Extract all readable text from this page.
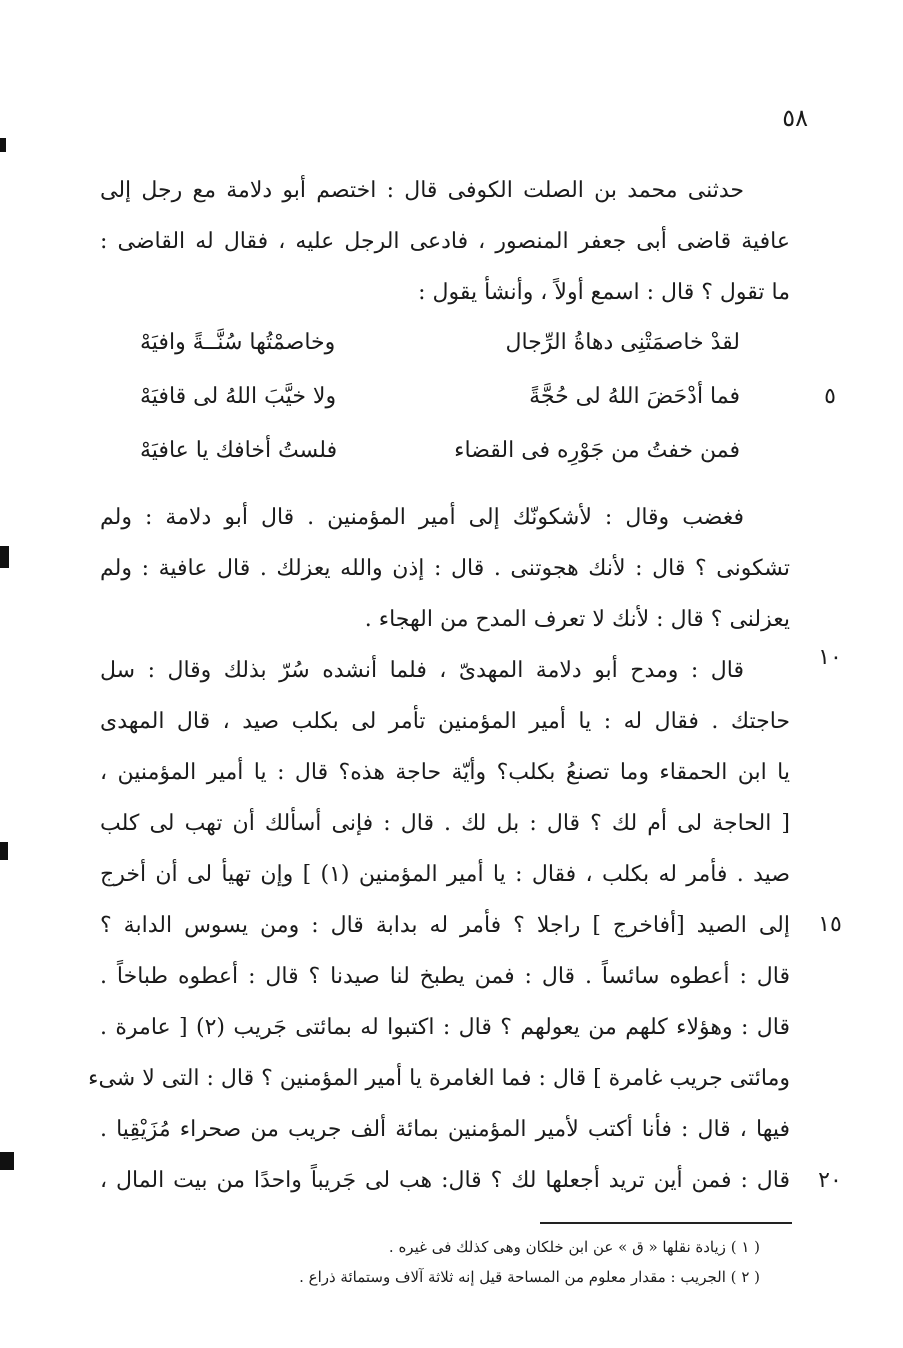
٥٨
حدثنى محمد بن الصلت الكوفى قال : اختصم أبو دلامة مع رجل إلى
عافية قاضى أبى جعفر المنصور ، فادعى الرجل عليه ، فقال له القاضى :
ما تقول ؟ قال : اسمع أولاً ، وأنشأ يقول :
لقدْ خاصمَتْنِى دهاةُ الرِّجال
وخاصمْتُها سُنَّــةً وافيَهْ
٥
فما أدْحَضَ اللهُ لى حُجَّةً
ولا خيَّبَ اللهُ لى قافيَهْ
فمن خفتُ من جَوْرِه فى القضاء
فلستُ أخافك يا عافيَهْ
فغضب وقال : لأشكونّك إلى أمير المؤمنين . قال أبو دلامة : ولم
تشكونى ؟ قال : لأنك هجوتنى . قال : إذن والله يعزلك . قال عافية : ولم
يعزلنى ؟ قال : لأنك لا تعرف المدح من الهجاء .
١٠
قال : ومدح أبو دلامة المهدىّ ، فلما أنشده سُرّ بذلك وقال : سل
حاجتك . فقال له : يا أمير المؤمنين تأمر لى بكلب صيد ، قال المهدى
يا ابن الحمقاء وما تصنعُ بكلب؟ وأيّة حاجة هذه؟ قال : يا أمير المؤمنين ،
[ الحاجة لى أم لك ؟ قال : بل لك . قال : فإنى أسألك أن تهب لى كلب
صيد . فأمر له بكلب ، فقال : يا أمير المؤمنين (١) ] وإن تهيأ لى أن أخرج
١٥
إلى الصيد [أفاخرج ] راجلا ؟ فأمر له بدابة قال : ومن يسوس الدابة ؟
قال : أعطوه سائساً . قال : فمن يطبخ لنا صيدنا ؟ قال : أعطوه طباخاً .
قال : وهؤلاء كلهم من يعولهم ؟ قال : اكتبوا له بمائتى جَريب (٢) [ عامرة .
ومائتى جريب غامرة ] قال : فما الغامرة يا أمير المؤمنين ؟ قال : التى لا شىء
فيها ، قال : فأنا أكتب لأمير المؤمنين بمائة ألف جريب من صحراء مُزَيْقِيا .
٢٠
قال : فمن أين تريد أجعلها لك ؟ قال: هب لى جَريباً واحدًا من بيت المال ،
( ١ ) زيادة نقلها « ق » عن ابن خلكان وهى كذلك فى غيره .
( ٢ ) الجريب : مقدار معلوم من المساحة قيل إنه ثلاثة آلاف وستمائة ذراع .
